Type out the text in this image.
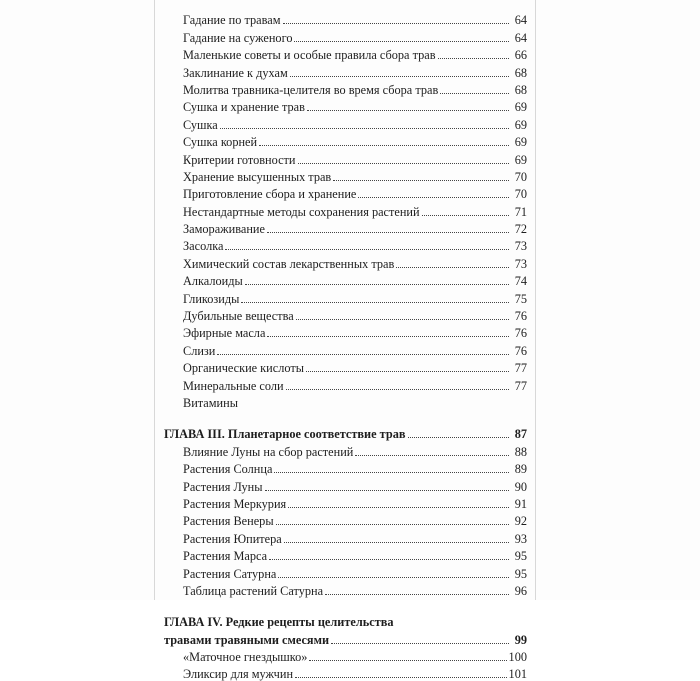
Гадание по травам	64
Гадание на суженого	64
Маленькие советы и особые правила сбора трав	66
Заклинание к духам	68
Молитва травника-целителя во время сбора трав	68
Сушка и хранение трав	69
Сушка	69
Сушка корней	69
Критерии готовности	69
Хранение высушенных трав	70
Приготовление сбора и хранение	70
Нестандартные методы сохранения растений	71
Замораживание	72
Засолка	73
Химический состав лекарственных трав	73
Алкалоиды	74
Гликозиды	75
Дубильные вещества	76
Эфирные масла	76
Слизи	76
Органические кислоты	77
Минеральные соли	77
Витамины
ГЛАВА III. Планетарное соответствие трав	87
Влияние Луны на сбор растений	88
Растения Солнца	89
Растения Луны	90
Растения Меркурия	91
Растения Венеры	92
Растения Юпитера	93
Растения Марса	95
Растения Сатурна	95
Таблица растений Сатурна	96
ГЛАВА IV. Редкие рецепты целительства
травами травяными смесями	99
«Маточное гнездышко»	100
Эликсир для мужчин	101
